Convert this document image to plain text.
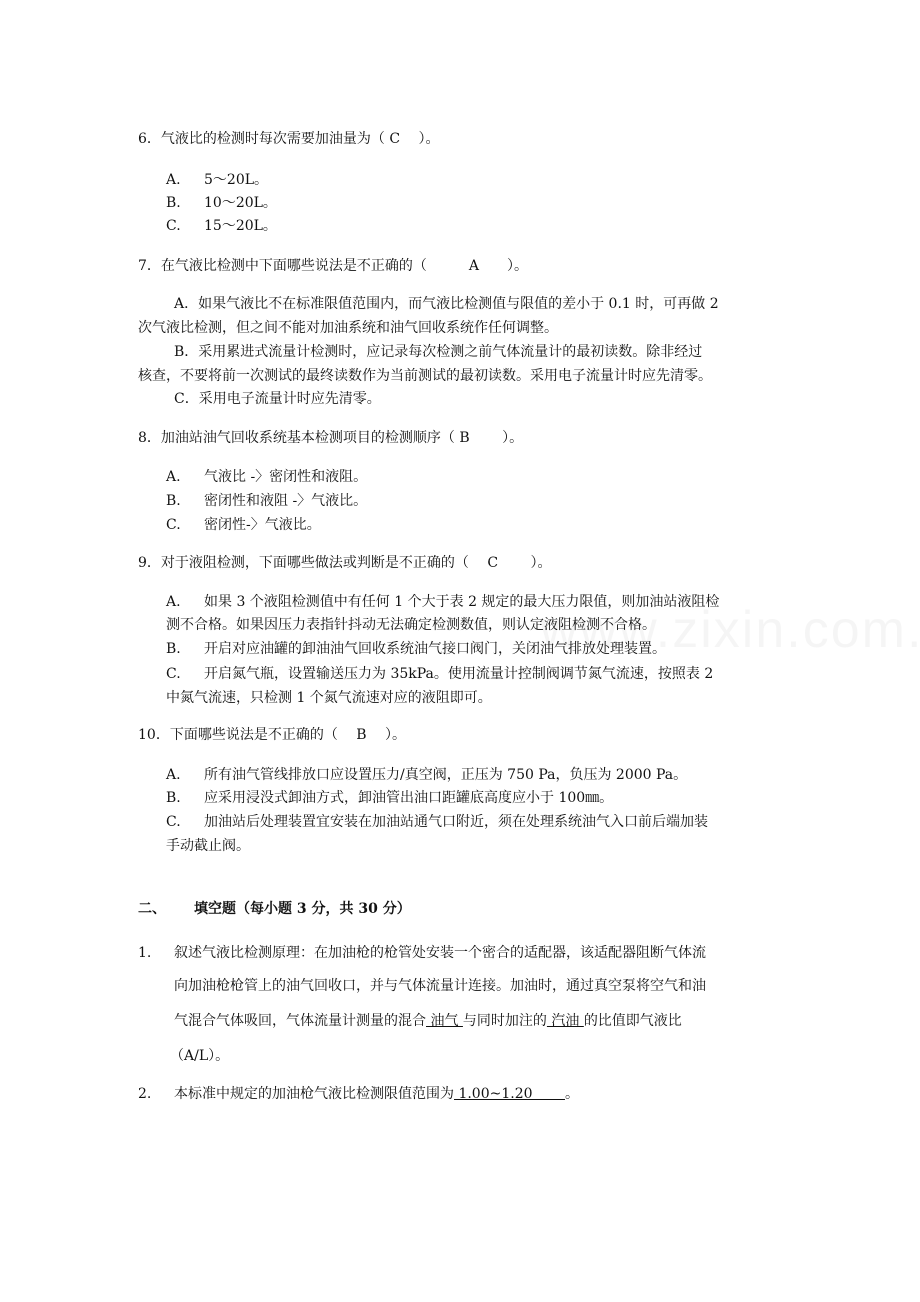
6．气液比的检测时每次需要加油量为（ C　 ）。
A. 5～20L。
B. 10～20L。
C. 15～20L。
7．在气液比检测中下面哪些说法是不正确的（　　　A　　）。
A．如果气液比不在标准限值范围内，而气液比检测值与限值的差小于 0.1 时，可再做 2
次气液比检测，但之间不能对加油系统和油气回收系统作任何调整。
B．采用累进式流量计检测时，应记录每次检测之前气体流量计的最初读数。除非经过
核查，不要将前一次测试的最终读数作为当前测试的最初读数。采用电子流量计时应先清零。
C．采用电子流量计时应先清零。
8．加油站油气回收系统基本检测项目的检测顺序（ B　　 ）。
A. 气液比 -〉密闭性和液阻。
B. 密闭性和液阻 -〉气液比。
C. 密闭性-〉气液比。
9．对于液阻检测，下面哪些做法或判断是不正确的（　 C　　 ）。
A. 如果 3 个液阻检测值中有任何 1 个大于表 2 规定的最大压力限值，则加油站液阻检
测不合格。如果因压力表指针抖动无法确定检测数值，则认定液阻检测不合格。
B. 开启对应油罐的卸油油气回收系统油气接口阀门，关闭油气排放处理装置。
C. 开启氮气瓶，设置输送压力为 35kPa。使用流量计控制阀调节氮气流速，按照表 2
中氮气流速，只检测 1 个氮气流速对应的液阻即可。
10．下面哪些说法是不正确的（　 B　 ）。
A. 所有油气管线排放口应设置压力/真空阀，正压为 750 Pa，负压为 2000 Pa。
B. 应采用浸没式卸油方式，卸油管出油口距罐底高度应小于 100㎜。
C. 加油站后处理装置宜安装在加油站通气口附近，须在处理系统油气入口前后端加装
手动截止阀。
二、 填空题（每小题 3 分，共 30 分）
1. 叙述气液比检测原理：在加油枪的枪管处安装一个密合的适配器，该适配器阻断气体流
向加油枪枪管上的油气回收口，并与气体流量计连接。加油时，通过真空泵将空气和油
气混合气体吸回，气体流量计测量的混合 油气 与同时加注的 汽油 的比值即气液比
（A/L）。
2. 本标准中规定的加油枪气液比检测限值范围为 1.00~1.20　　 。
